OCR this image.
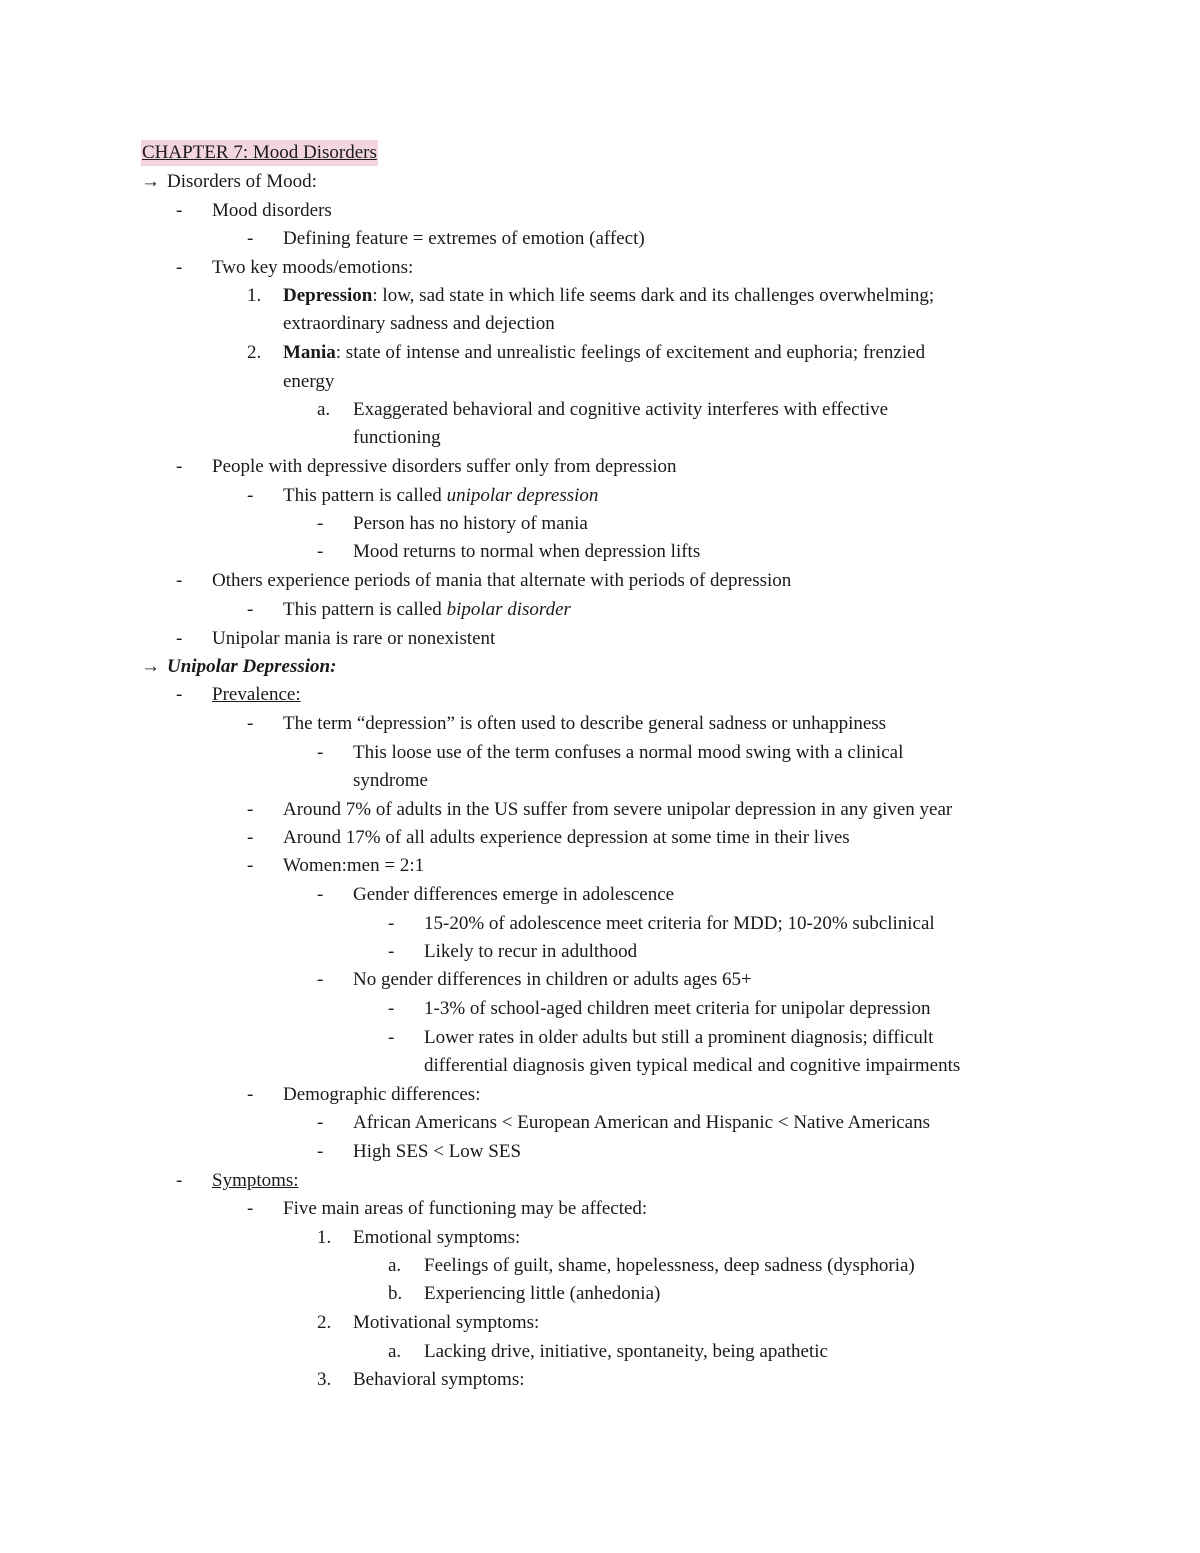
CHAPTER 7: Mood Disorders
→ Disorders of Mood:
- Mood disorders
- Defining feature = extremes of emotion (affect)
- Two key moods/emotions:
1. Depression: low, sad state in which life seems dark and its challenges overwhelming;
extraordinary sadness and dejection
2. Mania: state of intense and unrealistic feelings of excitement and euphoria; frenzied
energy
a. Exaggerated behavioral and cognitive activity interferes with effective
functioning
- People with depressive disorders suffer only from depression
- This pattern is called unipolar depression
- Person has no history of mania
- Mood returns to normal when depression lifts
- Others experience periods of mania that alternate with periods of depression
- This pattern is called bipolar disorder
- Unipolar mania is rare or nonexistent
→ Unipolar Depression:
- Prevalence:
- The term “depression” is often used to describe general sadness or unhappiness
- This loose use of the term confuses a normal mood swing with a clinical
syndrome
- Around 7% of adults in the US suffer from severe unipolar depression in any given year
- Around 17% of all adults experience depression at some time in their lives
- Women:men = 2:1
- Gender differences emerge in adolescence
- 15-20% of adolescence meet criteria for MDD; 10-20% subclinical
- Likely to recur in adulthood
- No gender differences in children or adults ages 65+
- 1-3% of school-aged children meet criteria for unipolar depression
- Lower rates in older adults but still a prominent diagnosis; difficult
differential diagnosis given typical medical and cognitive impairments
- Demographic differences:
- African Americans < European American and Hispanic < Native Americans
- High SES < Low SES
- Symptoms:
- Five main areas of functioning may be affected:
1. Emotional symptoms:
a. Feelings of guilt, shame, hopelessness, deep sadness (dysphoria)
b. Experiencing little (anhedonia)
2. Motivational symptoms:
a. Lacking drive, initiative, spontaneity, being apathetic
3. Behavioral symptoms:
